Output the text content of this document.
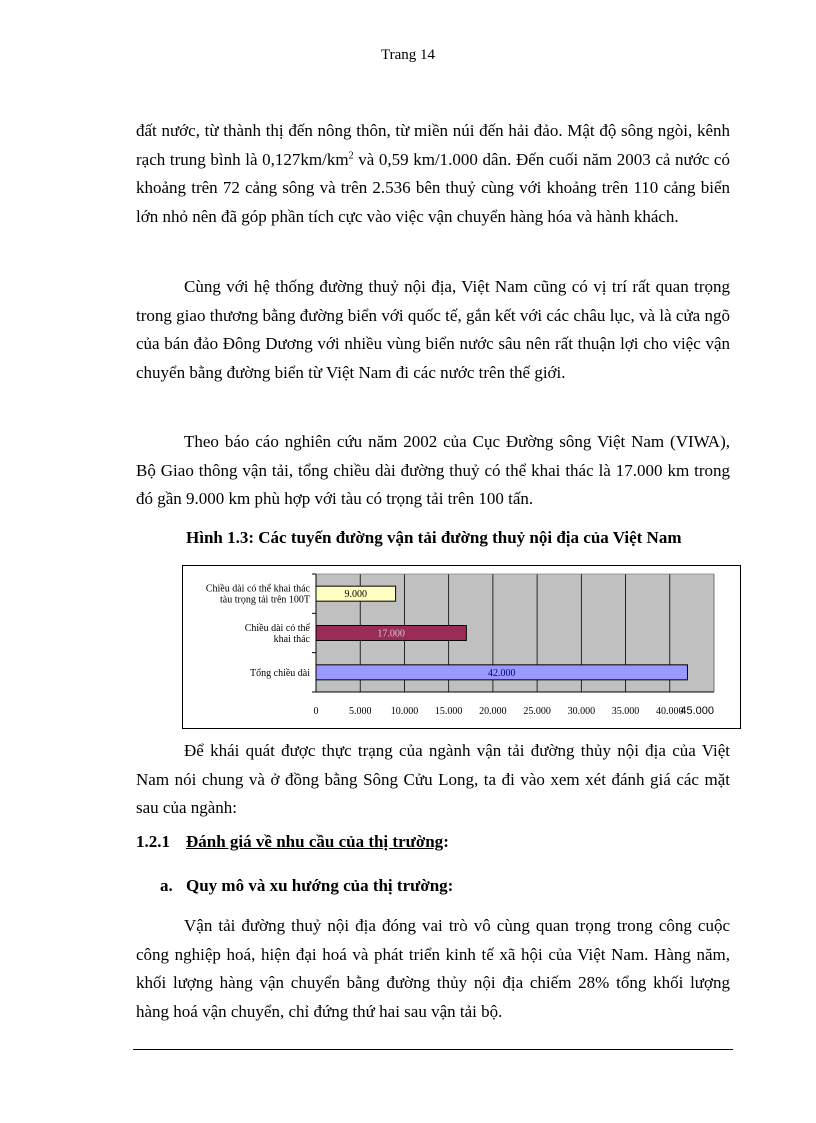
Trang 14

đất nước, từ thành thị đến nông thôn, từ miền núi đến hải đảo. Mật độ sông ngòi, kênh rạch trung bình là $0,127km/km^2$ và 0,59 km/1.000 dân. Đến cuối năm 2003 cả nước có khoảng trên 72 cảng sông và trên 2.536 bên thuỷ cùng với khoảng trên 110 cảng biển lớn nhỏ nên đã góp phần tích cực vào việc vận chuyển hàng hóa và hành khách.

Cùng với hệ thống đường thuỷ nội địa, Việt Nam cũng có vị trí rất quan trọng trong giao thương bằng đường biển với quốc tế, gắn kết với các châu lục, và là cửa ngõ của bán đảo Đông Dương với nhiều vùng biển nước sâu nên rất thuận lợi cho việc vận chuyển bằng đường biển từ Việt Nam đi các nước trên thế giới.

Theo báo cáo nghiên cứu năm 2002 của Cục Đường sông Việt Nam (VIWA), Bộ Giao thông vận tải, tổng chiều dài đường thuỷ có thể khai thác là 17.000 km trong đó gần 9.000 km phù hợp với tàu có trọng tải trên 100 tấn.

Hình 1.3: Các tuyến đường vận tải đường thuỷ nội địa của Việt Nam
9.000
Chiều dài có thể khai thác
tàu trọng tải trên 100T
17.000
Chiều dài có thể
khai thác
42.000
Tổng chiều dài
0	5.000 10.000 15.000 20.000 25.000 30.000 35.000 40.000
45.000

Để khái quát được thực trạng của ngành vận tải đường thủy nội địa của Việt Nam nói chung và ở đồng bằng Sông Cửu Long, ta đi vào xem xét đánh giá các mặt sau của ngành:

1.2.1 Đánh giá về nhu cầu của thị trường:
a. Quy mô và xu hướng của thị trường:

Vận tải đường thuỷ nội địa đóng vai trò vô cùng quan trọng trong công cuộc công nghiệp hoá, hiện đại hoá và phát triển kinh tế xã hội của Việt Nam. Hàng năm, khối lượng hàng vận chuyển bằng đường thủy nội địa chiếm 28% tổng khối lượng hàng hoá vận chuyển, chỉ đứng thứ hai sau vận tải bộ.
